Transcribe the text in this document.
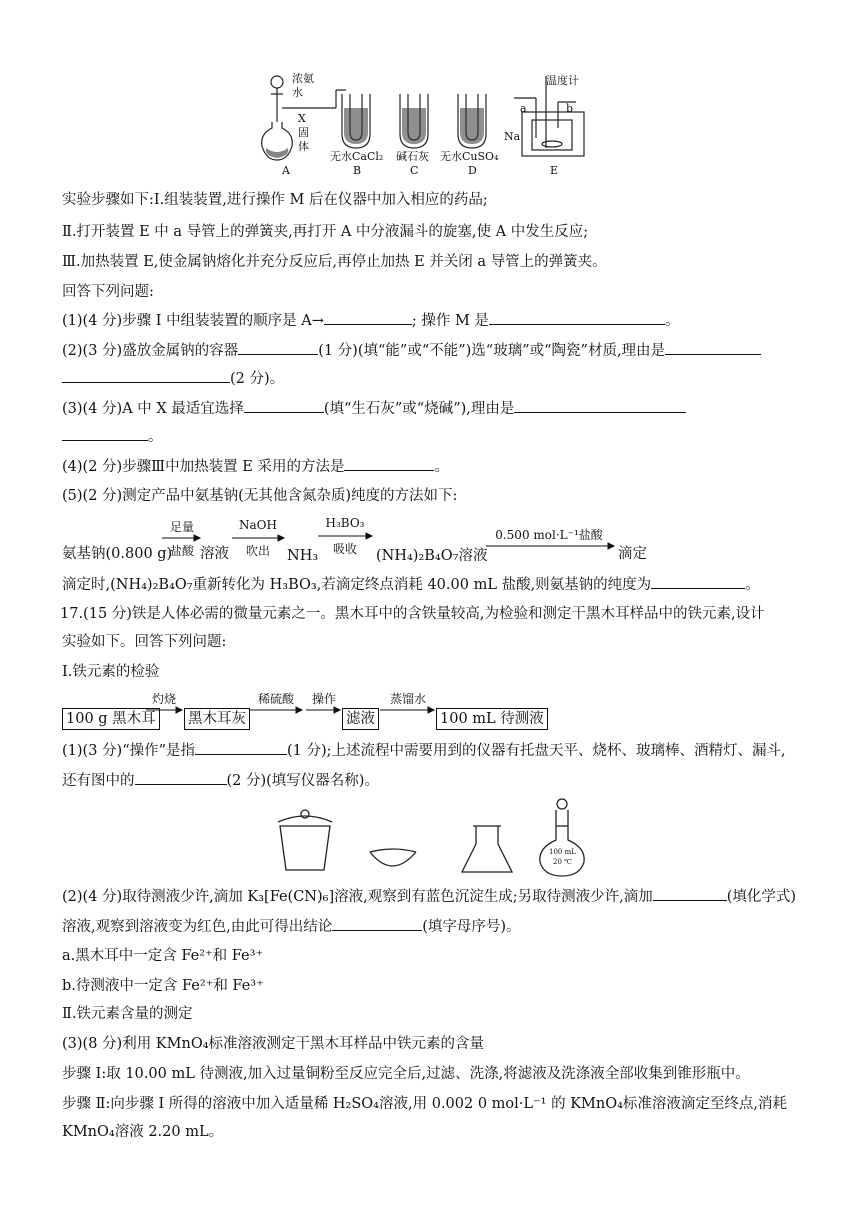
浓氨水
X固体
温度计
Na
a	b
无水CaCl₂ 碱石灰 无水CuSO₄
A	B	C	D	E
实验步骤如下:Ⅰ.组装装置,进行操作 M 后在仪器中加入相应的药品;
Ⅱ.打开装置 E 中 a 导管上的弹簧夹,再打开 A 中分液漏斗的旋塞,使 A 中发生反应;
Ⅲ.加热装置 E,使金属钠熔化并充分反应后,再停止加热 E 并关闭 a 导管上的弹簧夹。
回答下列问题:
(1)(4 分)步骤 Ⅰ 中组装装置的顺序是 A→	; 操作 M 是	。
(2)(3 分)盛放金属钠的容器	(1 分)(填“能”或“不能”)选“玻璃”或“陶瓷”材质,理由是
(2 分)。
(3)(4 分)A 中 X 最适宜选择	(填“生石灰”或“烧碱”),理由是
。
(4)(2 分)步骤Ⅲ中加热装置 E 采用的方法是	。
(5)(2 分)测定产品中氨基钠(无其他含氮杂质)纯度的方法如下:
氨基钠(0.800 g)
足量
盐酸 溶液
NaOH
吹出	NH₃
H₃BO₃
吸收	(NH₄)₂B₄O₇溶液
0.500 mol·L⁻¹盐酸
滴定
滴定时,(NH₄)₂B₄O₇重新转化为 H₃BO₃,若滴定终点消耗 40.00 mL 盐酸,则氨基钠的纯度为	。
17.(15 分)铁是人体必需的微量元素之一。黑木耳中的含铁量较高,为检验和测定干黑木耳样品中的铁元素,设计
实验如下。回答下列问题:
Ⅰ.铁元素的检验
100 g 黑木耳
灼烧
黑木耳灰
稀硫酸	操作
滤液
蒸馏水
100 mL 待测液
(1)(3 分)“操作”是指	(1 分);上述流程中需要用到的仪器有托盘天平、烧杯、玻璃棒、酒精灯、漏斗,
还有图中的	(2 分)(填写仪器名称)。
100 mL
20 ℃
(2)(4 分)取待测液少许,滴加 K₃[Fe(CN)₆]溶液,观察到有蓝色沉淀生成;另取待测液少许,滴加	(填化学式)
溶液,观察到溶液变为红色,由此可得出结论	(填字母序号)。
a.黑木耳中一定含 Fe²⁺和 Fe³⁺
b.待测液中一定含 Fe²⁺和 Fe³⁺
Ⅱ.铁元素含量的测定
(3)(8 分)利用 KMnO₄标准溶液测定干黑木耳样品中铁元素的含量
步骤 Ⅰ:取 10.00 mL 待测液,加入过量铜粉至反应完全后,过滤、洗涤,将滤液及洗涤液全部收集到锥形瓶中。
步骤 Ⅱ:向步骤 Ⅰ 所得的溶液中加入适量稀 H₂SO₄溶液,用 0.002 0 mol·L⁻¹ 的 KMnO₄标准溶液滴定至终点,消耗
KMnO₄溶液 2.20 mL。
